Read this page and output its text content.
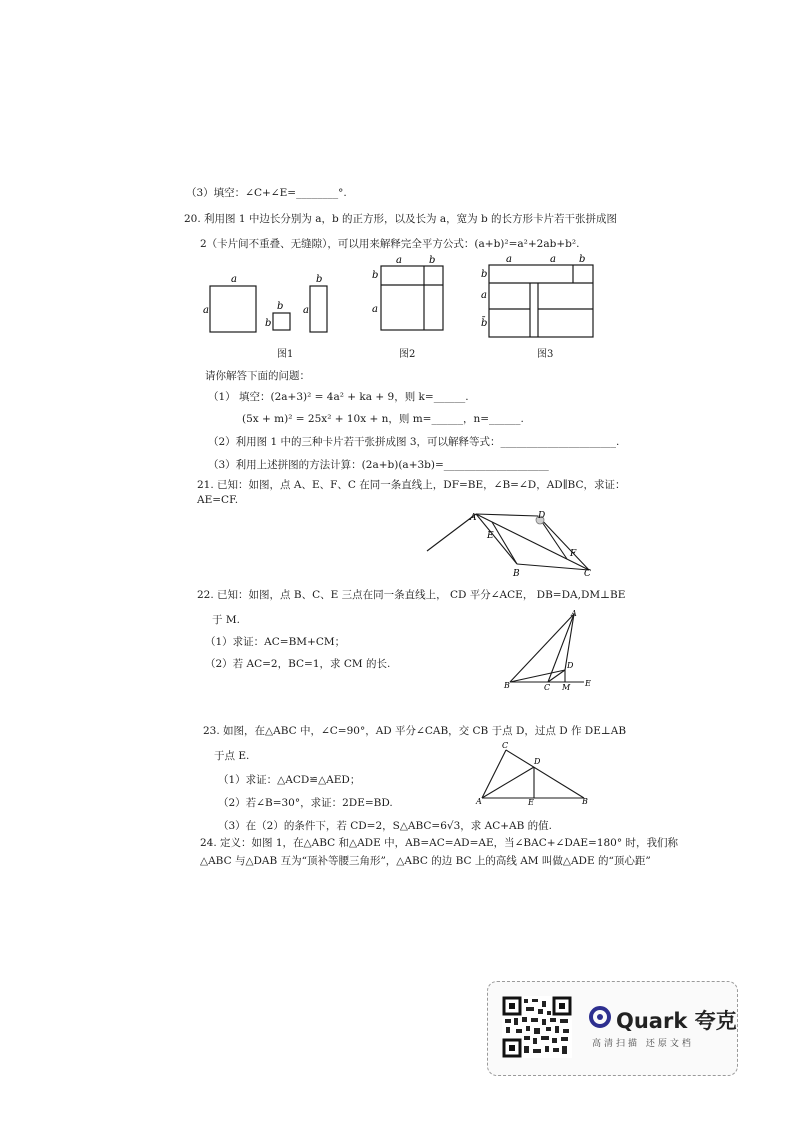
（3）填空：∠C+∠E=________°.
20. 利用图 1 中边长分别为 a，b 的正方形，以及长为 a，宽为 b 的长方形卡片若干张拼成图
2（卡片间不重叠、无缝隙），可以用来解释完全平方公式：(a+b)²=a²+2ab+b².
a
a	b
b
b
a
图1
a	b
b
a
图2
a	a b
b
a
b̄
图3
请你解答下面的问题：
（1） 填空：(2a+3)² = 4a² + ka + 9，则 k=______.
(5x + m)² = 25x² + 10x + n，则 m=______，n=______.
（2）利用图 1 中的三种卡片若干张拼成图 3，可以解释等式：______________________.
（3）利用上述拼图的方法计算：(2a+b)(a+3b)=____________________
21. 已知：如图，点 A、E、F、C 在同一条直线上，DF=BE，∠B=∠D，AD∥BC，求证：
AE=CF.
A	D
E
F
B	C
22. 已知：如图，点 B、C、E 三点在同一条直线上， CD 平分∠ACE， DB=DA,DM⊥BE
于 M.
（1）求证：AC=BM+CM；
（2）若 AC=2，BC=1，求 CM 的长.
A
D
B	C M E
23. 如图，在△ABC 中，∠C=90°，AD 平分∠CAB，交 CB 于点 D，过点 D 作 DE⊥AB
于点 E.
（1）求证：△ACD≌△AED；
（2）若∠B=30°，求证：2DE=BD.
C
D
A	E	B
（3）在（2）的条件下，若 CD=2，S△ABC=6√3，求 AC+AB 的值.
24. 定义：如图 1，在△ABC 和△ADE 中，AB=AC=AD=AE，当∠BAC+∠DAE=180° 时，我们称
△ABC 与△DAB 互为“顶补等腰三角形”，△ABC 的边 BC 上的高线 AM 叫做△ADE 的“顶心距”
Quark 夸克
高清扫描 还原文档
